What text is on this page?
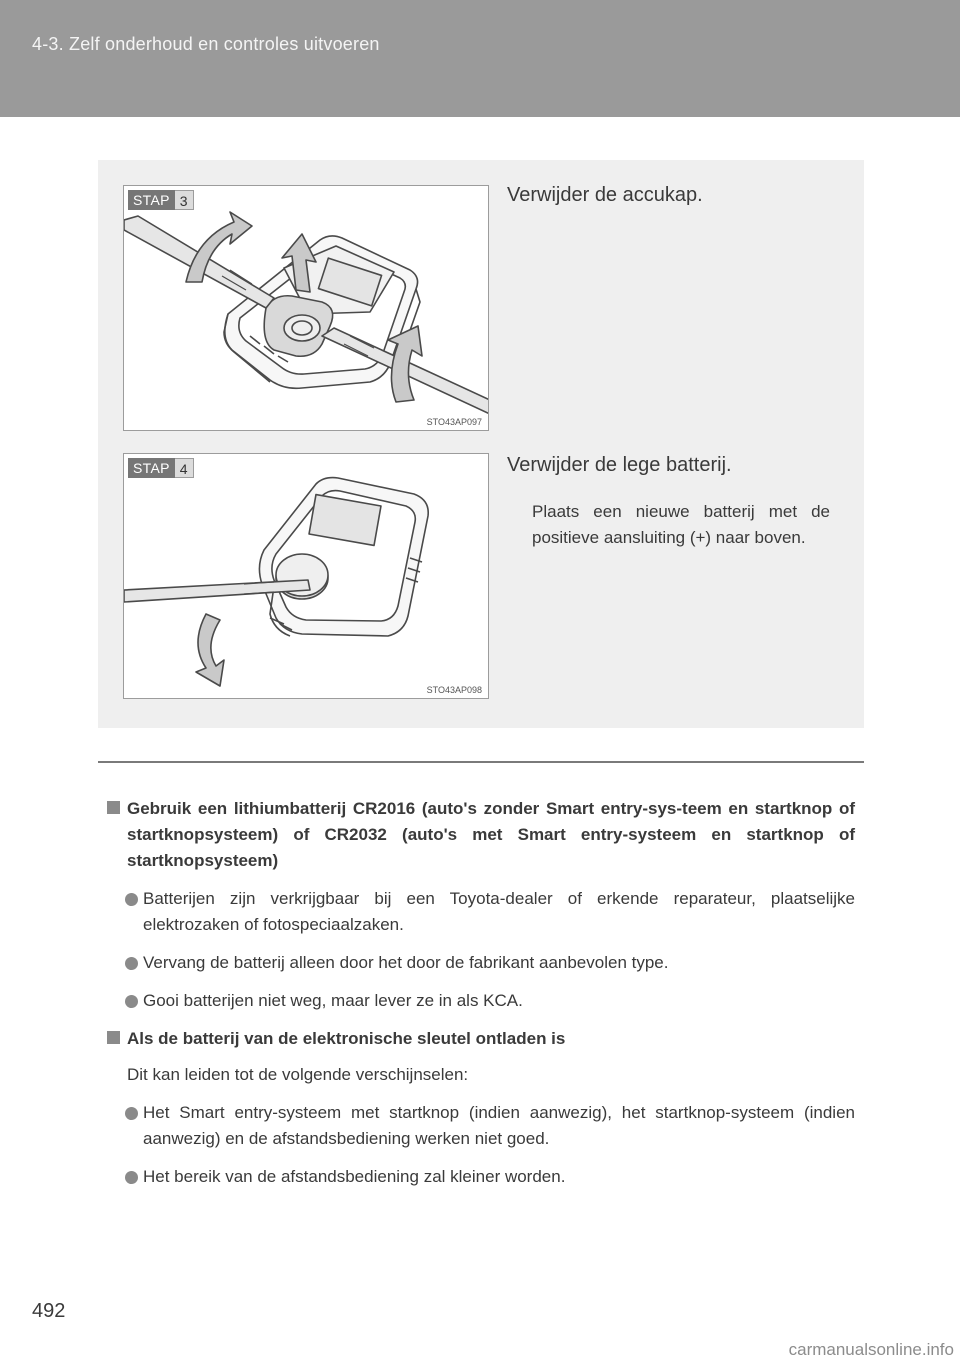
4-3. Zelf onderhoud en controles uitvoeren
STAP 3
STO43AP097
Verwijder de accukap.
STAP 4
STO43AP098
Verwijder de lege batterij.
Plaats een nieuwe batterij met de positieve aansluiting (+) naar boven.
Gebruik een lithiumbatterij CR2016 (auto's zonder Smart entry-sys-teem en startknop of startknopsysteem) of CR2032 (auto's met Smart entry-systeem en startknop of startknopsysteem)
Batterijen zijn verkrijgbaar bij een Toyota-dealer of erkende reparateur, plaatselijke elektrozaken of fotospeciaalzaken.
Vervang de batterij alleen door het door de fabrikant aanbevolen type.
Gooi batterijen niet weg, maar lever ze in als KCA.
Als de batterij van de elektronische sleutel ontladen is
Dit kan leiden tot de volgende verschijnselen:
Het Smart entry-systeem met startknop (indien aanwezig), het startknop-systeem (indien aanwezig) en de afstandsbediening werken niet goed.
Het bereik van de afstandsbediening zal kleiner worden.
492
carmanualsonline.info
